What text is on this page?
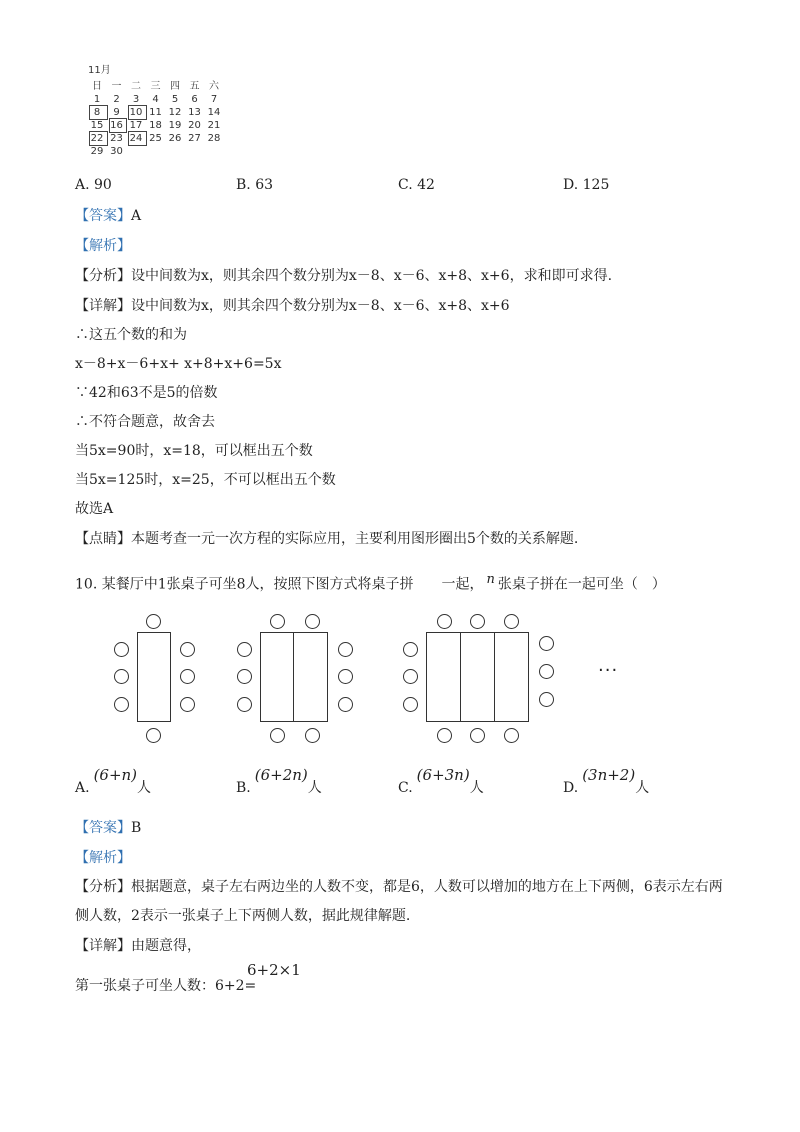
11月
日 一 二 三 四 五 六
1	2	3	4	5	6	7
8	9 10 11 12 13 14
15 16 17 18 19 20 21
22 23 24 25 26 27 28
29 30
A. 90	B. 63	C. 42	D. 125
【答案】A
【解析】
【分析】设中间数为x，则其余四个数分别为x－8、x－6、x+8、x+6，求和即可求得.
【详解】设中间数为x，则其余四个数分别为x－8、x－6、x+8、x+6
∴这五个数的和为
x－8+x－6+x+ x+8+x+6=5x
∵42和63不是5的倍数
∴不符合题意，故舍去
当5x=90时，x=18，可以框出五个数
当5x=125时，x=25，不可以框出五个数
故选A
【点睛】本题考查一元一次方程的实际应用，主要利用图形圈出5个数的关系解题.
10. 某餐厅中1张桌子可坐8人，按照下图方式将桌子拼 一起， $^n$ 张桌子拼在一起可坐（　）
···
A.(6+n)人	B.(6+2n)人	C.(6+3n)人	D.(3n+2)人
【答案】B
【解析】
【分析】根据题意，桌子左右两边坐的人数不变，都是6，人数可以增加的地方在上下两侧，6表示左右两
侧人数，2表示一张桌子上下两侧人数，据此规律解题.
【详解】由题意得，
第一张桌子可坐人数：6+2=
6+2×1
